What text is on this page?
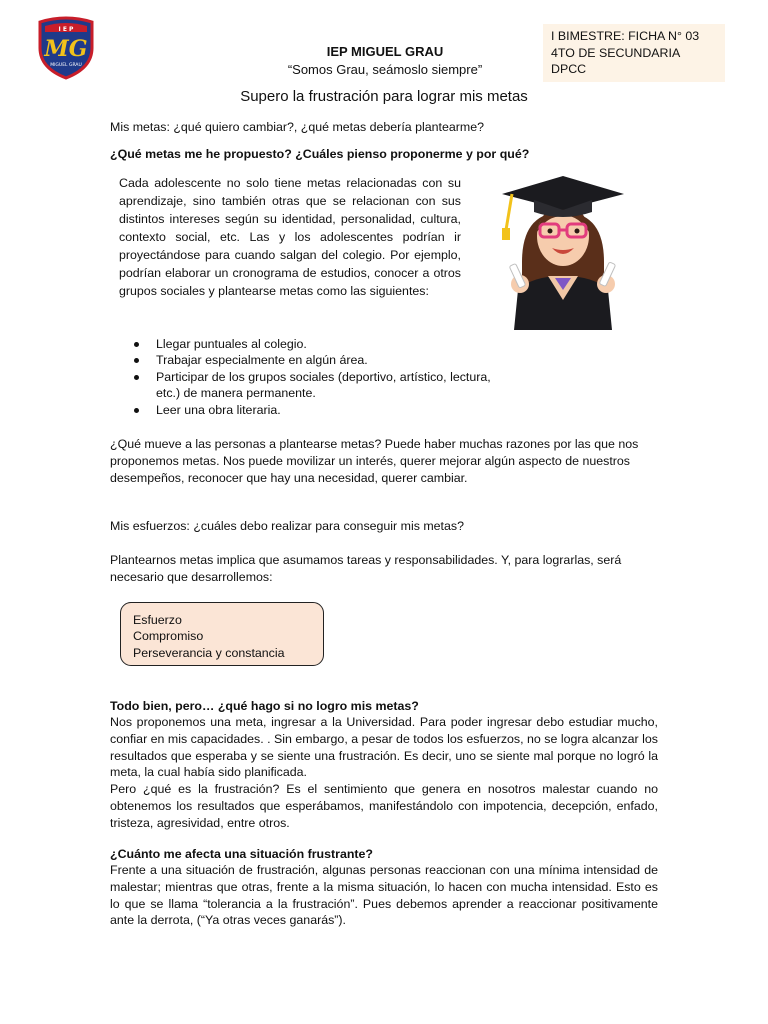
I E P
MG
MIGUEL GRAU
IEP MIGUEL GRAU
“Somos Grau, seámoslo siempre”
I BIMESTRE: FICHA N° 03
4TO DE SECUNDARIA
DPCC
Supero la frustración para lograr mis metas
Mis metas: ¿qué quiero cambiar?, ¿qué metas debería plantearme?
¿Qué metas me he propuesto? ¿Cuáles pienso proponerme y por qué?
Cada adolescente no solo tiene metas relacionadas con su aprendizaje, sino también otras que se relacionan con sus distintos intereses según su identidad, personalidad, cultura, contexto social, etc. Las y los adolescentes podrían ir proyectándose para cuando salgan del colegio. Por ejemplo, podrían elaborar un cronograma de estudios, conocer a otros grupos sociales y plantearse metas como las siguientes:
Llegar puntuales al colegio.
Trabajar especialmente en algún área.
Participar de los grupos sociales (deportivo, artístico, lectura, etc.) de manera permanente.
Leer una obra literaria.
¿Qué mueve a las personas a plantearse metas? Puede haber muchas razones por las que nos proponemos metas. Nos puede movilizar un interés, querer mejorar algún aspecto de nuestros desempeños, reconocer que hay una necesidad, querer cambiar.
Mis esfuerzos: ¿cuáles debo realizar para conseguir mis metas?
Plantearnos metas implica que asumamos tareas y responsabilidades. Y, para lograrlas, será necesario que desarrollemos:
Esfuerzo
Compromiso
Perseverancia y constancia
Todo bien, pero… ¿qué hago si no logro mis metas?
Nos proponemos una meta, ingresar a la Universidad. Para poder ingresar debo estudiar mucho, confiar en mis capacidades. . Sin embargo, a pesar de todos los esfuerzos, no se logra alcanzar los resultados que esperaba y se siente una frustración. Es decir, uno se siente mal porque no logró la meta, la cual había sido planificada.
Pero ¿qué es la frustración? Es el sentimiento que genera en nosotros malestar cuando no obtenemos los resultados que esperábamos, manifestándolo con impotencia, decepción, enfado, tristeza, agresividad, entre otros.
¿Cuánto me afecta una situación frustrante?
Frente a una situación de frustración, algunas personas reaccionan con una mínima intensidad de malestar; mientras que otras, frente a la misma situación, lo hacen con mucha intensidad. Esto es lo que se llama “tolerancia a la frustración”. Pues debemos aprender a reaccionar positivamente ante la derrota, (“Ya otras veces ganarás”).
